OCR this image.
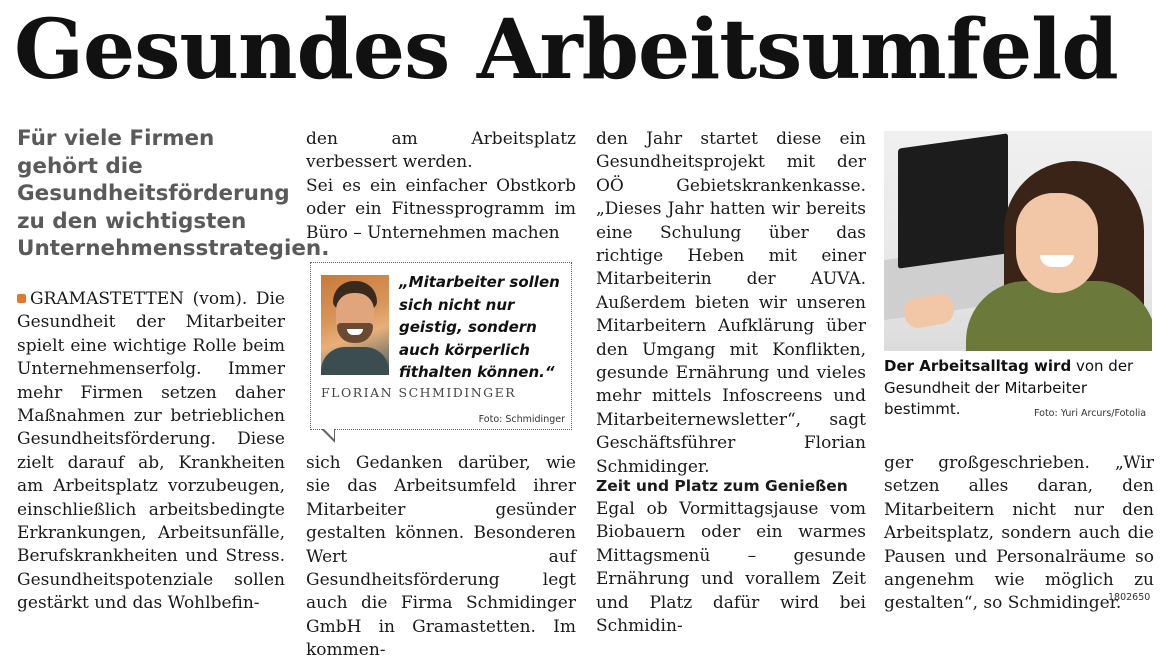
Gesundes Arbeitsumfeld

Für viele Firmen gehört die Gesundheitsförderung zu den wichtigsten Unternehmensstrategien.

GRAMASTETTEN (vom). Die Gesundheit der Mitarbeiter spielt eine wichtige Rolle beim Unternehmenserfolg. Immer mehr Firmen setzen daher Maßnahmen zur betrieblichen Gesundheitsförderung. Diese zielt darauf ab, Krankheiten am Arbeitsplatz vorzubeugen, einschließlich arbeitsbedingte Erkrankungen, Arbeitsunfälle, Berufskrankheiten und Stress. Gesundheitspotenziale sollen gestärkt und das Wohlbefin-

den am Arbeitsplatz verbessert werden.

Sei es ein einfacher Obstkorb oder ein Fitnessprogramm im Büro – Unternehmen machen

„Mitarbeiter sollen sich nicht nur geistig, sondern auch körperlich fithalten können.“

FLORIAN SCHMIDINGER

Foto: Schmidinger

sich Gedanken darüber, wie sie das Arbeitsumfeld ihrer Mitarbeiter gesünder gestalten können. Besonderen Wert auf Gesundheitsförderung legt auch die Firma Schmidinger GmbH in Gramastetten. Im kommen-

den Jahr startet diese ein Gesundheitsprojekt mit der OÖ Gebietskrankenkasse. „Dieses Jahr hatten wir bereits eine Schulung über das richtige Heben mit einer Mitarbeiterin der AUVA. Außerdem bieten wir unseren Mitarbeitern Aufklärung über den Umgang mit Konflikten, gesunde Ernährung und vieles mehr mittels Infoscreens und Mitarbeiternewsletter“, sagt Geschäftsführer Florian Schmidinger.

Zeit und Platz zum Genießen

Egal ob Vormittagsjause vom Biobauern oder ein warmes Mittagsmenü – gesunde Ernährung und vorallem Zeit und Platz dafür wird bei Schmidin-

Der Arbeitsalltag wird von der Gesundheit der Mitarbeiter bestimmt.	Foto: Yuri Arcurs/Fotolia

ger großgeschrieben. „Wir setzen alles daran, den Mitarbeitern nicht nur den Arbeitsplatz, sondern auch die Pausen und Personalräume so angenehm wie möglich zu gestalten“, so Schmidinger.

1802650
